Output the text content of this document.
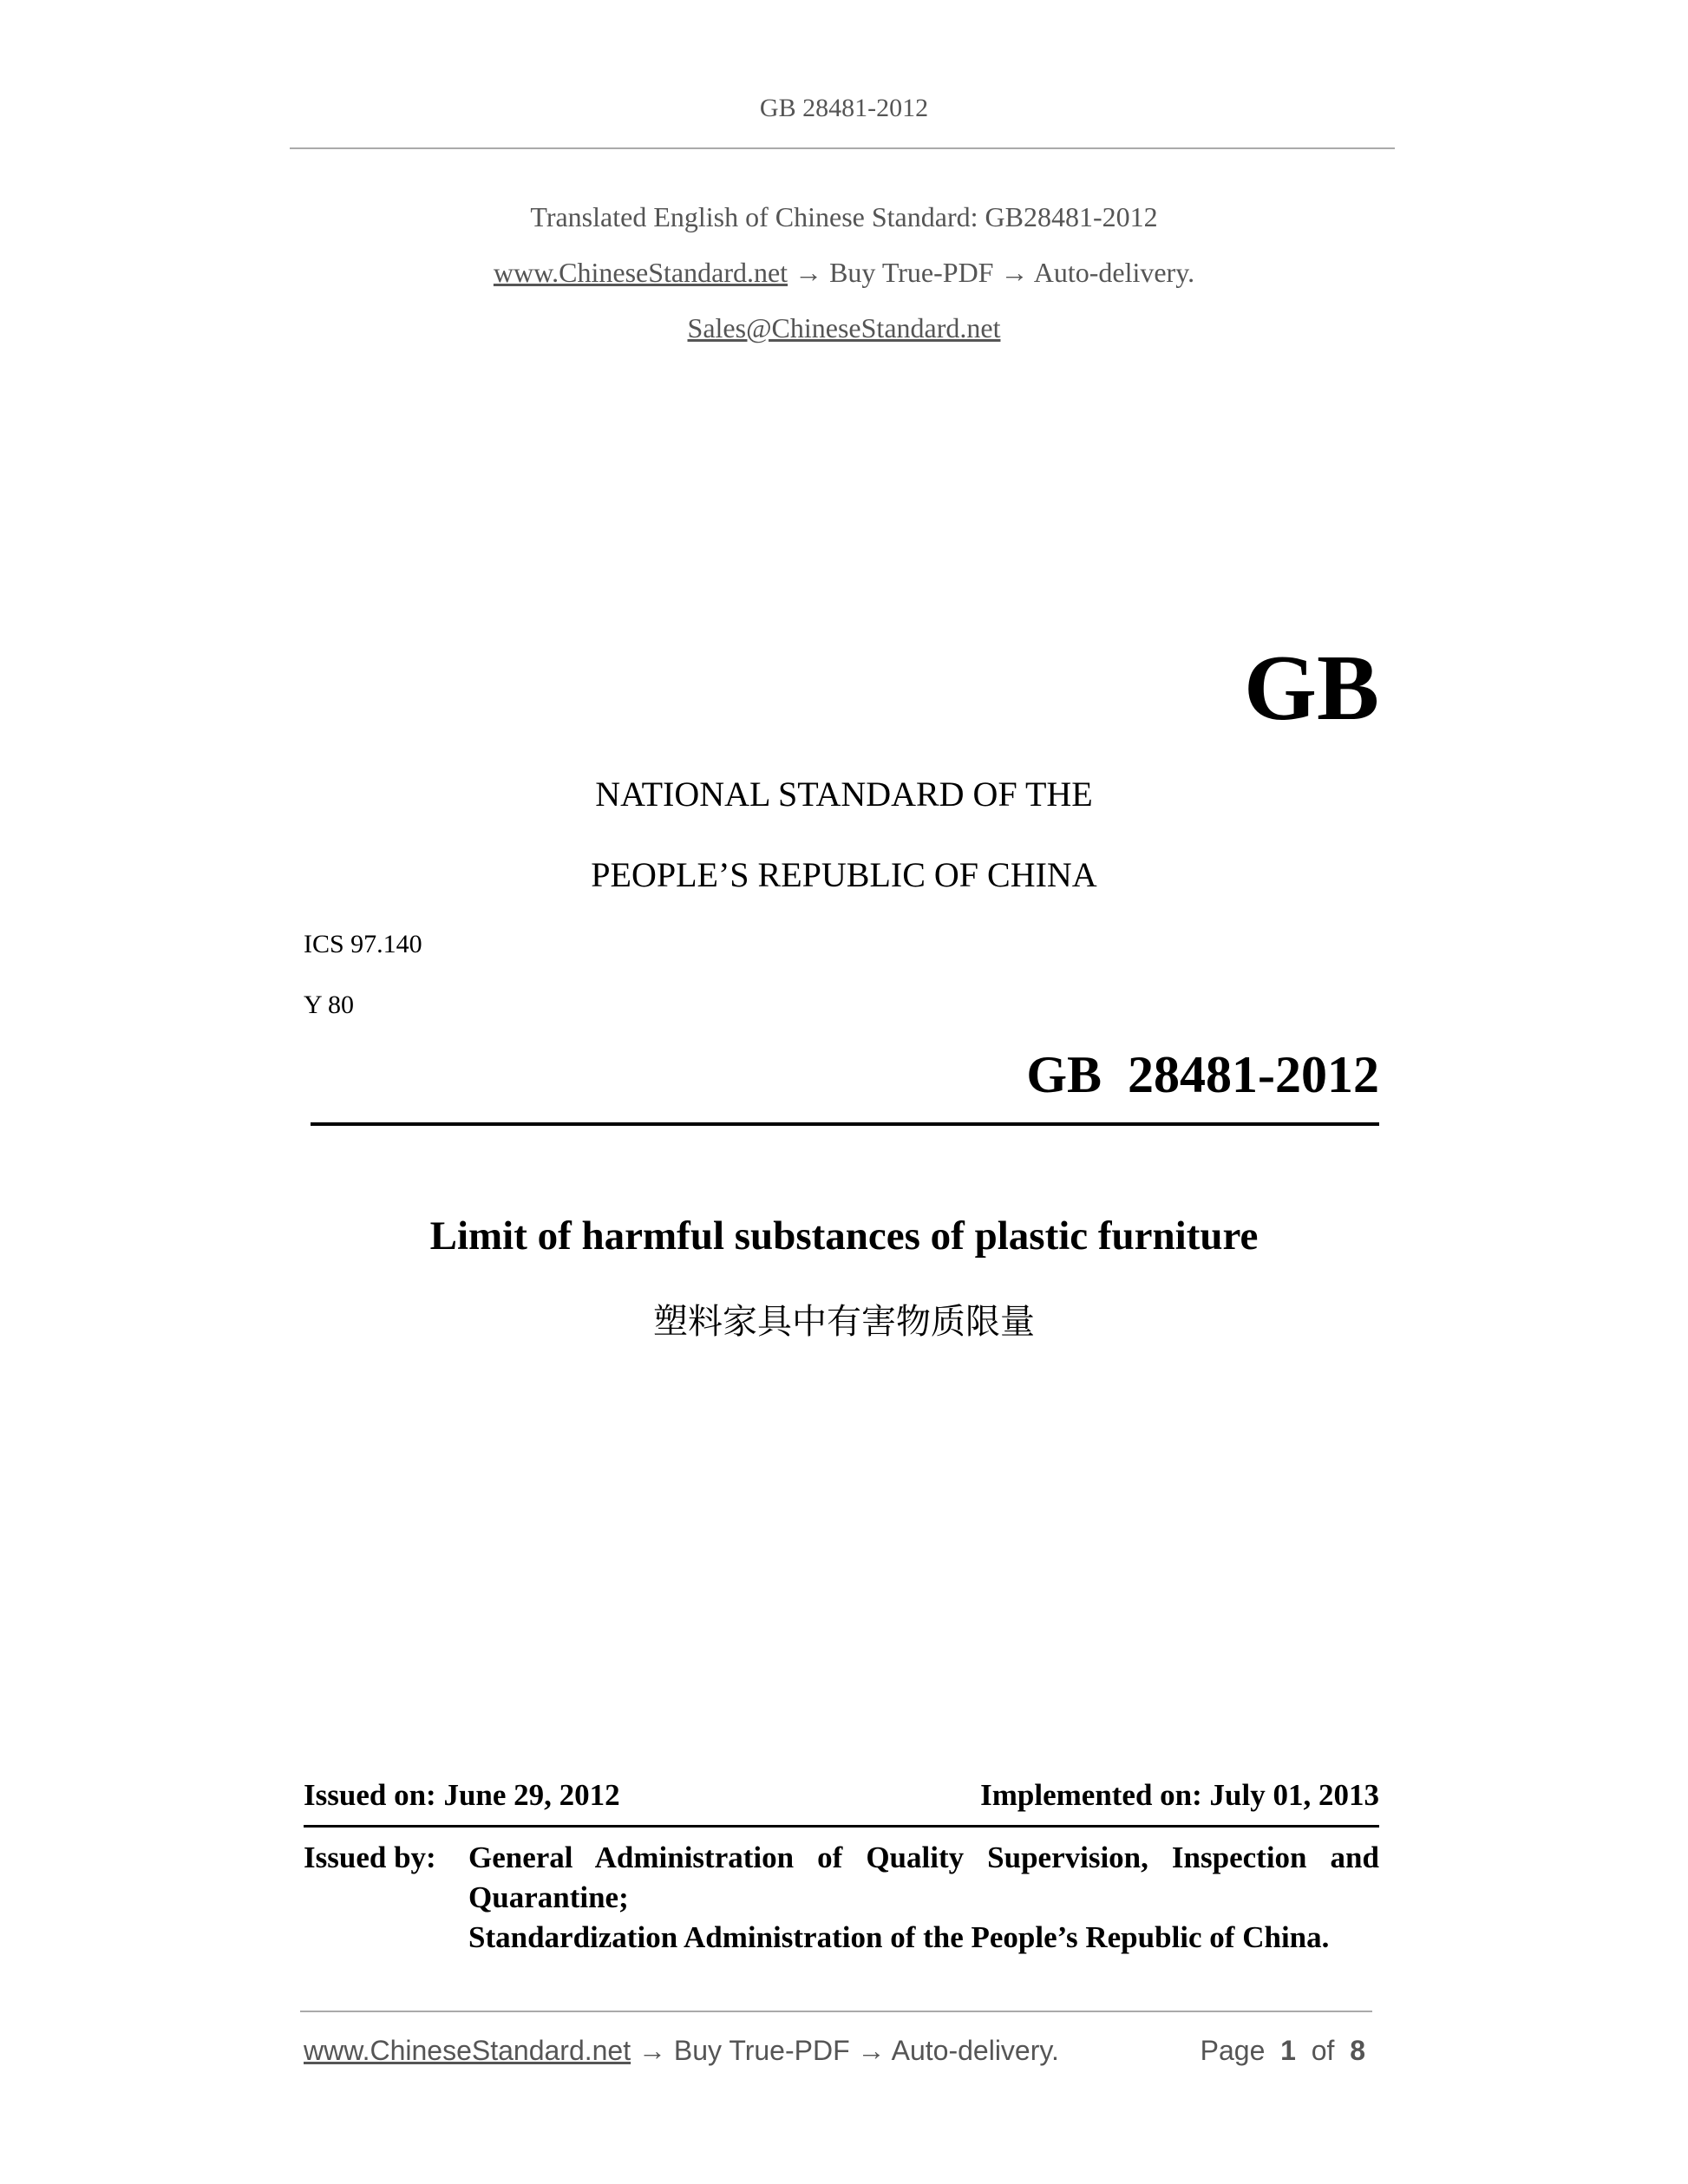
GB 28481-2012
Translated English of Chinese Standard: GB28481-2012
www.ChineseStandard.net → Buy True-PDF → Auto-delivery.
Sales@ChineseStandard.net
GB
NATIONAL STANDARD OF THE
PEOPLE’S REPUBLIC OF CHINA
ICS 97.140
Y 80
GB  28481-2012
Limit of harmful substances of plastic furniture
塑料家具中有害物质限量
Issued on: June 29, 2012	Implemented on: July 01, 2013
Issued by: General Administration of Quality Supervision, Inspection and
Quarantine;
Standardization Administration of the People’s Republic of China.
www.ChineseStandard.net → Buy True-PDF → Auto-delivery.	Page 1 of 8
